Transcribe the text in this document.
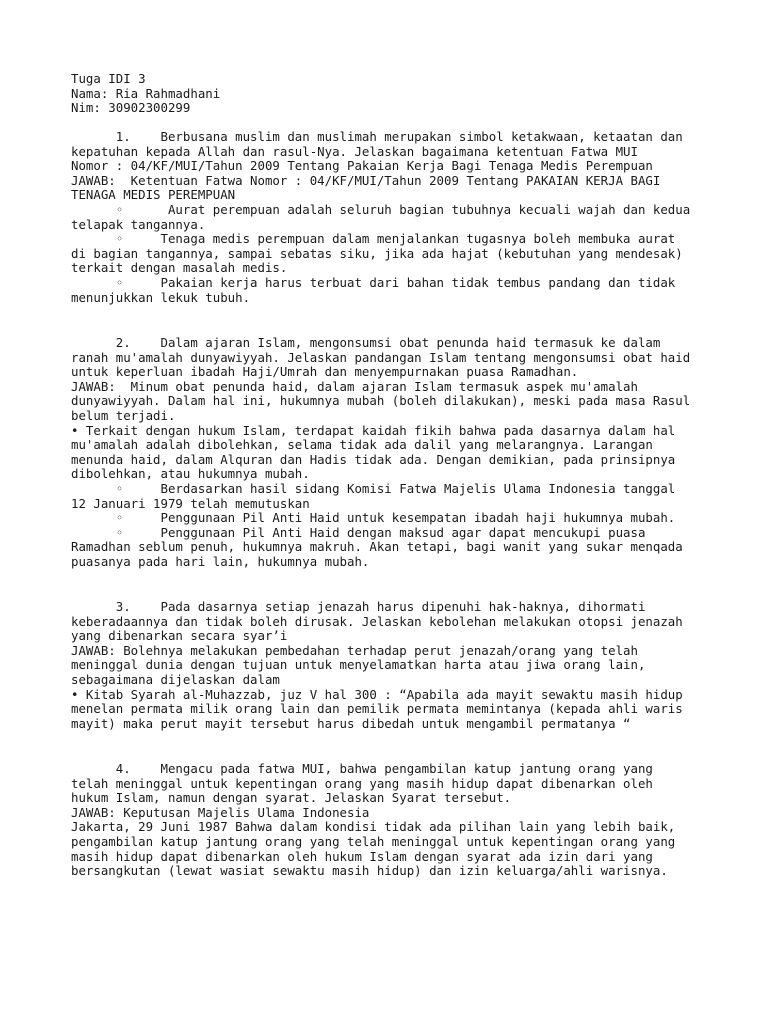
Tuga IDI 3
Nama: Ria Rahmadhani
Nim: 30902300299
1.    Berbusana muslim dan muslimah merupakan simbol ketakwaan, ketaatan dan
kepatuhan kepada Allah dan rasul-Nya. Jelaskan bagaimana ketentuan Fatwa MUI
Nomor : 04/KF/MUI/Tahun 2009 Tentang Pakaian Kerja Bagi Tenaga Medis Perempuan
JAWAB:  Ketentuan Fatwa Nomor : 04/KF/MUI/Tahun 2009 Tentang PAKAIAN KERJA BAGI
TENAGA MEDIS PEREMPUAN
◦      Aurat perempuan adalah seluruh bagian tubuhnya kecuali wajah dan kedua
telapak tangannya.
◦     Tenaga medis perempuan dalam menjalankan tugasnya boleh membuka aurat
di bagian tangannya, sampai sebatas siku, jika ada hajat (kebutuhan yang mendesak)
terkait dengan masalah medis.
◦     Pakaian kerja harus terbuat dari bahan tidak tembus pandang dan tidak
menunjukkan lekuk tubuh.
2.    Dalam ajaran Islam, mengonsumsi obat penunda haid termasuk ke dalam
ranah mu'amalah dunyawiyyah. Jelaskan pandangan Islam tentang mengonsumsi obat haid
untuk keperluan ibadah Haji/Umrah dan menyempurnakan puasa Ramadhan.
JAWAB:  Minum obat penunda haid, dalam ajaran Islam termasuk aspek mu'amalah
dunyawiyyah. Dalam hal ini, hukumnya mubah (boleh dilakukan), meski pada masa Rasul
belum terjadi.
• Terkait dengan hukum Islam, terdapat kaidah fikih bahwa pada dasarnya dalam hal
mu'amalah adalah dibolehkan, selama tidak ada dalil yang melarangnya. Larangan
menunda haid, dalam Alquran dan Hadis tidak ada. Dengan demikian, pada prinsipnya
dibolehkan, atau hukumnya mubah.
◦     Berdasarkan hasil sidang Komisi Fatwa Majelis Ulama Indonesia tanggal
12 Januari 1979 telah memutuskan
◦     Penggunaan Pil Anti Haid untuk kesempatan ibadah haji hukumnya mubah.
◦     Penggunaan Pil Anti Haid dengan maksud agar dapat mencukupi puasa
Ramadhan seblum penuh, hukumnya makruh. Akan tetapi, bagi wanit yang sukar menqada
puasanya pada hari lain, hukumnya mubah.
3.    Pada dasarnya setiap jenazah harus dipenuhi hak-haknya, dihormati
keberadaannya dan tidak boleh dirusak. Jelaskan kebolehan melakukan otopsi jenazah
yang dibenarkan secara syar’i
JAWAB: Bolehnya melakukan pembedahan terhadap perut jenazah/orang yang telah
meninggal dunia dengan tujuan untuk menyelamatkan harta atau jiwa orang lain,
sebagaimana dijelaskan dalam
• Kitab Syarah al-Muhazzab, juz V hal 300 : “Apabila ada mayit sewaktu masih hidup
menelan permata milik orang lain dan pemilik permata memintanya (kepada ahli waris
mayit) maka perut mayit tersebut harus dibedah untuk mengambil permatanya “
4.    Mengacu pada fatwa MUI, bahwa pengambilan katup jantung orang yang
telah meninggal untuk kepentingan orang yang masih hidup dapat dibenarkan oleh
hukum Islam, namun dengan syarat. Jelaskan Syarat tersebut.
JAWAB: Keputusan Majelis Ulama Indonesia
Jakarta, 29 Juni 1987 Bahwa dalam kondisi tidak ada pilihan lain yang lebih baik,
pengambilan katup jantung orang yang telah meninggal untuk kepentingan orang yang
masih hidup dapat dibenarkan oleh hukum Islam dengan syarat ada izin dari yang
bersangkutan (lewat wasiat sewaktu masih hidup) dan izin keluarga/ahli warisnya.
